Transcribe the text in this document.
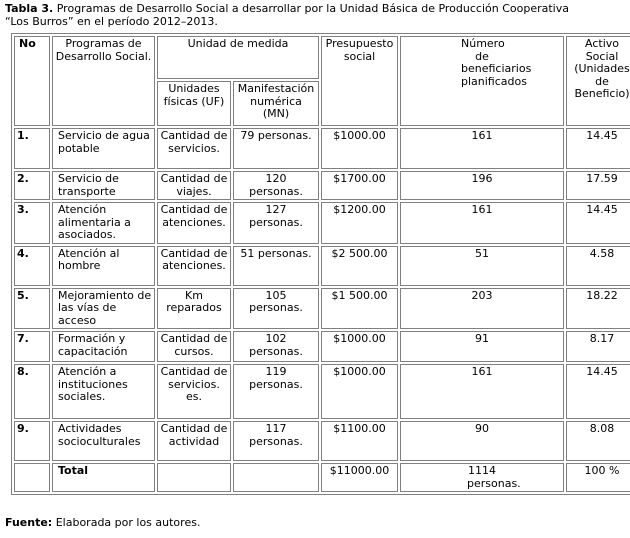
Tabla 3. Programas de Desarrollo Social a desarrollar por la Unidad Básica de Producción Cooperativa
“Los Burros” en el período 2012–2013.
No	Programas de Desarrollo Social.	Unidad de medida		Presupuesto social	Número de beneficiarios planificados	Activo Social (Unidades de Beneficio)
		Unidades físicas (UF)	Manifestación numérica (MN)			
1.	Servicio de agua potable	Cantidad de servicios.	79 personas.	$1000.00	161	14.45
2.	Servicio de transporte	Cantidad de viajes.	120 personas.	$1700.00	196	17.59
3.	Atención alimentaria a asociados.	Cantidad de atenciones.	127 personas.	$1200.00	161	14.45
4.	Atención al hombre	Cantidad de atenciones.	51 personas.	$2 500.00	51	4.58
5.	Mejoramiento de las vías de acceso	Km reparados	105 personas.	$1 500.00	203	18.22
7.	Formación y capacitación	Cantidad de cursos.	102 personas.	$1000.00	91	8.17
8.	Atención a instituciones sociales.	Cantidad de servicios. es.	119 personas.	$1000.00	161	14.45
9.	Actividades socioculturales	Cantidad de actividad	117 personas.	$1100.00	90	8.08
	Total			$11000.00	1114 personas.	100 %
Fuente: Elaborada por los autores.
